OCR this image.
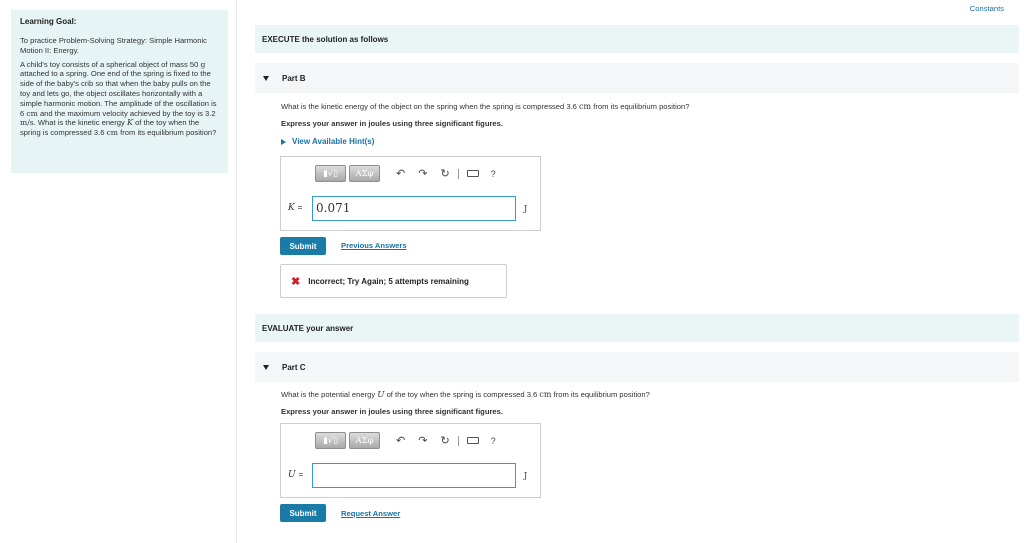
Learning Goal:

To practice Problem-Solving Strategy: Simple Harmonic Motion II: Energy.

A child's toy consists of a spherical object of mass 50 g attached to a spring. One end of the spring is fixed to the side of the baby's crib so that when the baby pulls on the toy and lets go, the object oscillates horizontally with a simple harmonic motion. The amplitude of the oscillation is 6 cm and the maximum velocity achieved by the toy is 3.2 m/s. What is the kinetic energy K of the toy when the spring is compressed 3.6 cm from its equilibrium position?

Constants
EXECUTE the solution as follows
Part B
What is the kinetic energy of the object on the spring when the spring is compressed 3.6 cm from its equilibrium position?
Express your answer in joules using three significant figures.
View Available Hint(s)
▮√▯	ΑΣφ	↶ ↷ ↻	?
K =	0.071	J
Submit	Previous Answers
✖ Incorrect; Try Again; 5 attempts remaining
EVALUATE your answer
Part C
What is the potential energy U of the toy when the spring is compressed 3.6 cm from its equilibrium position?
Express your answer in joules using three significant figures.
▮√▯	ΑΣφ	↶ ↷ ↻	?
U =	J
Submit	Request Answer
